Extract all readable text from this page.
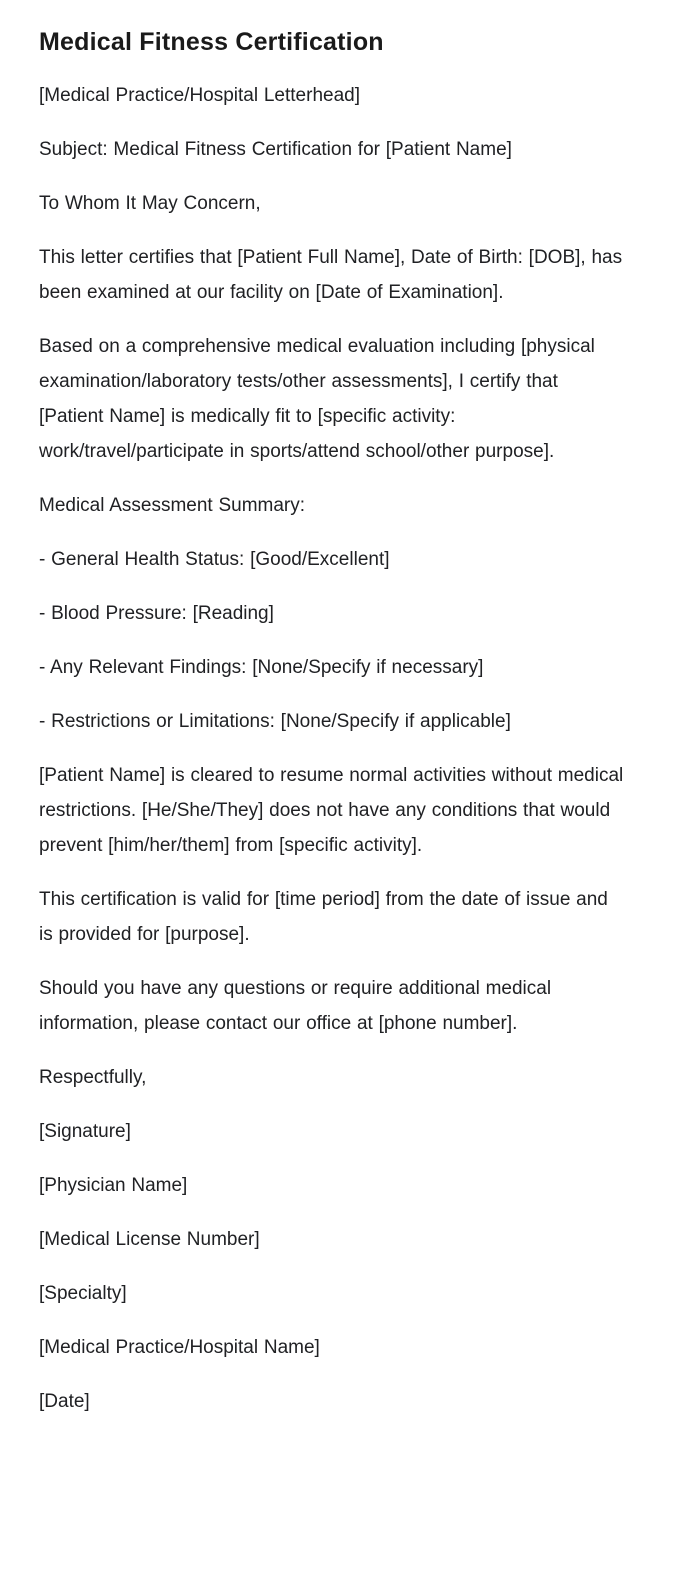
Medical Fitness Certification

[Medical Practice/Hospital Letterhead]

Subject: Medical Fitness Certification for [Patient Name]

To Whom It May Concern,

This letter certifies that [Patient Full Name], Date of Birth: [DOB], has been examined at our facility on [Date of Examination].

Based on a comprehensive medical evaluation including [physical examination/laboratory tests/other assessments], I certify that [Patient Name] is medically fit to [specific activity: work/travel/participate in sports/attend school/other purpose].

Medical Assessment Summary:

- General Health Status: [Good/Excellent]

- Blood Pressure: [Reading]

- Any Relevant Findings: [None/Specify if necessary]

- Restrictions or Limitations: [None/Specify if applicable]

[Patient Name] is cleared to resume normal activities without medical restrictions. [He/She/They] does not have any conditions that would prevent [him/her/them] from [specific activity].

This certification is valid for [time period] from the date of issue and is provided for [purpose].

Should you have any questions or require additional medical information, please contact our office at [phone number].

Respectfully,

[Signature]

[Physician Name]

[Medical License Number]

[Specialty]

[Medical Practice/Hospital Name]

[Date]
